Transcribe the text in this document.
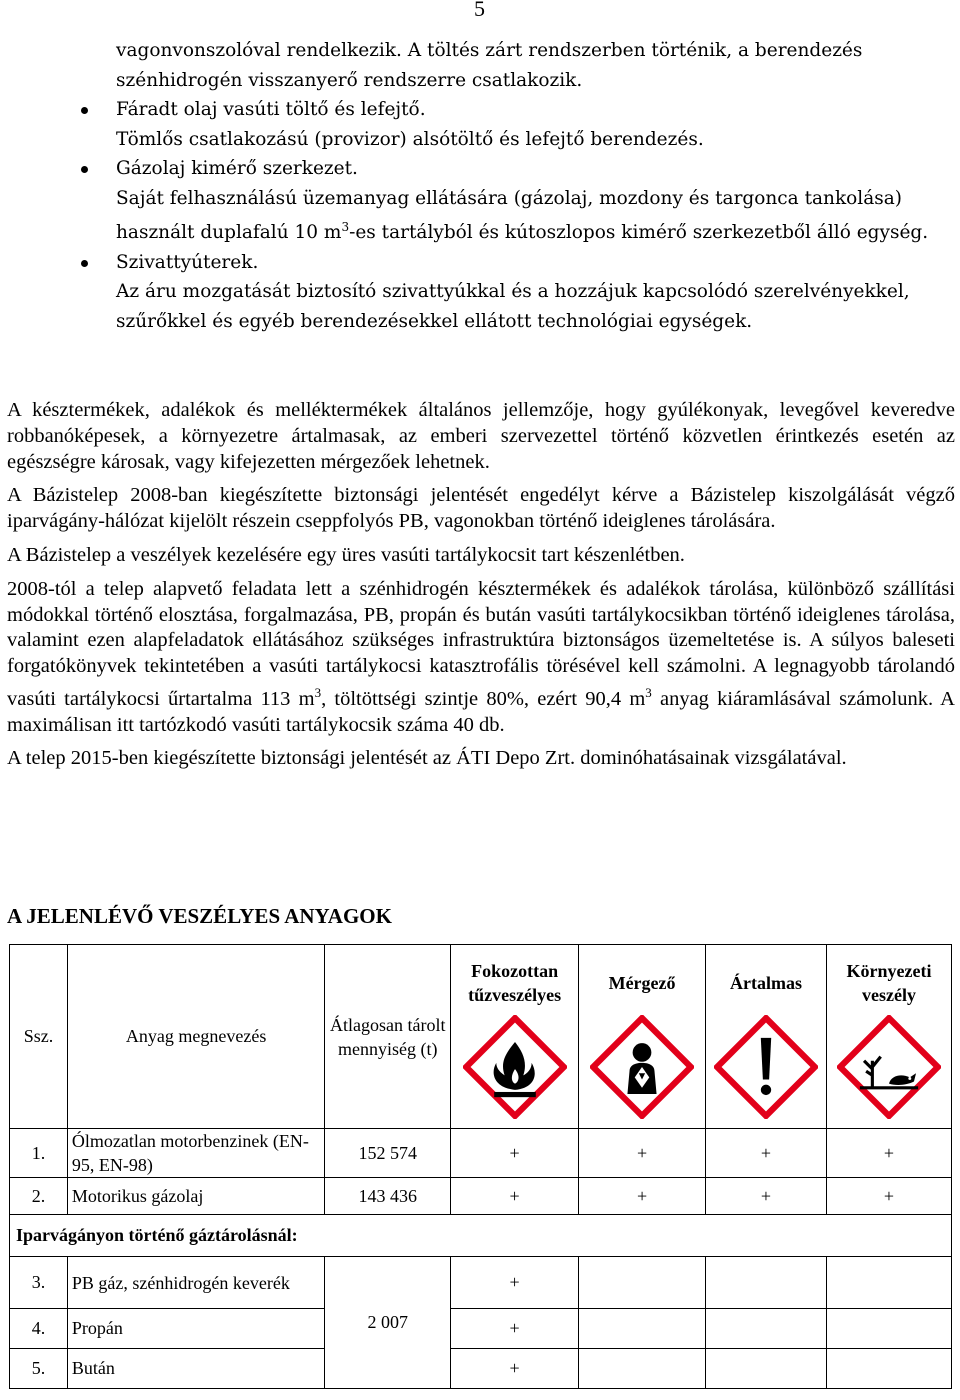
5
vagonvonszolóval rendelkezik. A töltés zárt rendszerben történik, a berendezés szénhidrogén visszanyerő rendszerre csatlakozik.
Fáradt olaj vasúti töltő és lefejtő.
Tömlős csatlakozású (provizor) alsótöltő és lefejtő berendezés.
Gázolaj kimérő szerkezet.
Saját felhasználású üzemanyag ellátására (gázolaj, mozdony és targonca tankolása) használt duplafalú 10 $m^3-es$ tartályból és kútoszlopos kimérő szerkezetből álló egység.
Szivattyúterek.
Az áru mozgatását biztosító szivattyúkkal és a hozzájuk kapcsolódó szerelvényekkel, szűrőkkel és egyéb berendezésekkel ellátott technológiai egységek.

A késztermékek, adalékok és melléktermékek általános jellemzője, hogy gyúlékonyak, levegővel keveredve robbanóképesek, a környezetre ártalmasak, az emberi szervezettel történő közvetlen érintkezés esetén az egészségre károsak, vagy kifejezetten mérgezőek lehetnek.

A Bázistelep 2008-ban kiegészítette biztonsági jelentését engedélyt kérve a Bázistelep kiszolgálását végző iparvágány-hálózat kijelölt részein cseppfolyós PB, vagonokban történő ideiglenes tárolására.

A Bázistelep a veszélyek kezelésére egy üres vasúti tartálykocsit tart készenlétben.

2008-tól a telep alapvető feladata lett a szénhidrogén késztermékek és adalékok tárolása, különböző szállítási módokkal történő elosztása, forgalmazása, PB, propán és bután vasúti tartálykocsikban történő ideiglenes tárolása, valamint ezen alapfeladatok ellátásához szükséges infrastruktúra biztonságos üzemeltetése is. A súlyos baleseti forgatókönyvek tekintetében a vasúti tartálykocsi katasztrofális törésével kell számolni. A legnagyobb tárolandó vasúti tartálykocsi űrtartalma 113 $m^3$, töltöttségi szintje 80%, ezért 90,4 $m^3$ anyag kiáramlásával számolunk. A maximálisan itt tartózkodó vasúti tartálykocsik száma 40 db.

A telep 2015-ben kiegészítette biztonsági jelentését az ÁTI Depo Zrt. dominóhatásainak vizsgálatával.

A JELENLÉVŐ VESZÉLYES ANYAGOK
Ssz.	Anyag megnevezés	Átlagosan tárolt mennyiség (t)	Fokozottan tűzveszélyes	Mérgező	Ártalmas	Környezeti veszély

1.	Ólmozatlan motorbenzinek (EN-95, EN-98)	152 574	+	+	+	+
2.	Motorikus gázolaj	143 436	+	+	+	+
Iparvágányon történő gáztárolásnál:						
3.	PB gáz, szénhidrogén keverék	2 007	+			
4.	Propán		+			
5.	Bután		+			
